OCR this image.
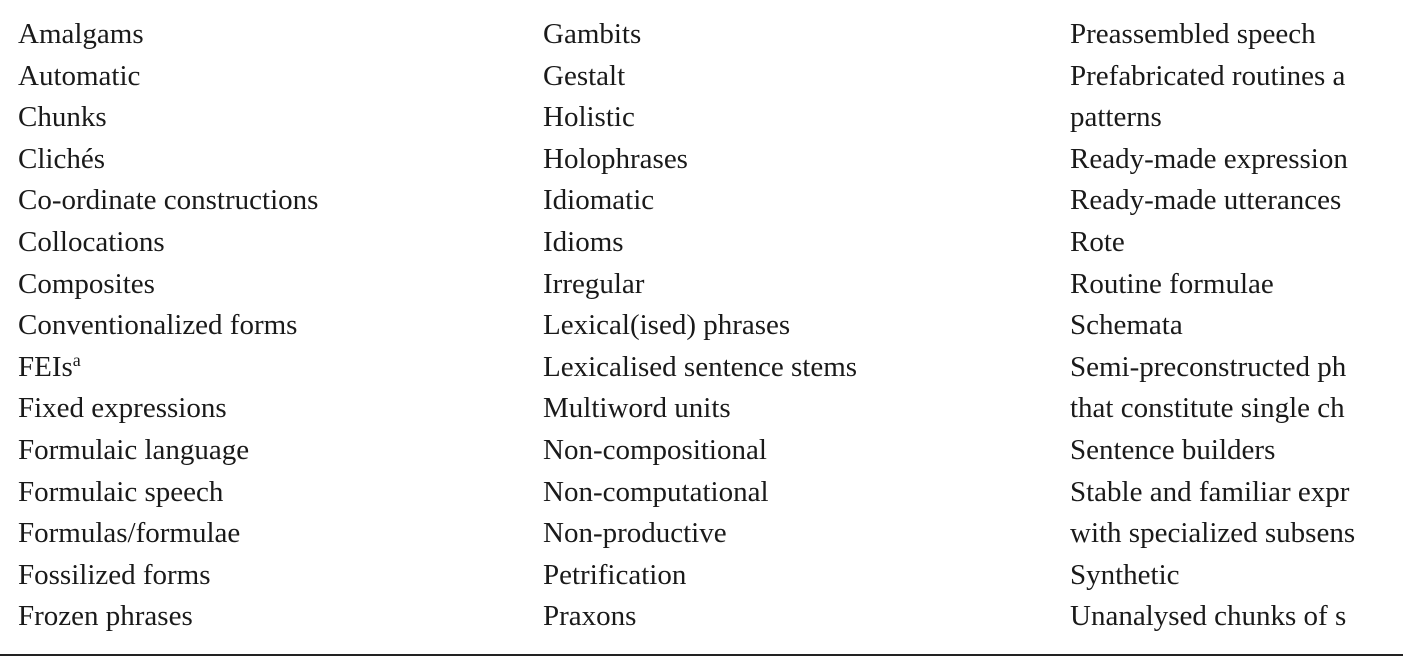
Amalgams
Automatic
Chunks
Clichés
Co-ordinate constructions
Collocations
Composites
Conventionalized forms
FEIs$^a$
Fixed expressions
Formulaic language
Formulaic speech
Formulas/formulae
Fossilized forms
Frozen phrases
Gambits
Gestalt
Holistic
Holophrases
Idiomatic
Idioms
Irregular
Lexical(ised) phrases
Lexicalised sentence stems
Multiword units
Non-compositional
Non-computational
Non-productive
Petrification
Praxons
Preassembled speech
Prefabricated routines a
patterns
Ready-made expression
Ready-made utterances
Rote
Routine formulae
Schemata
Semi-preconstructed ph
that constitute single ch
Sentence builders
Stable and familiar expr
with specialized subsens
Synthetic
Unanalysed chunks of s
